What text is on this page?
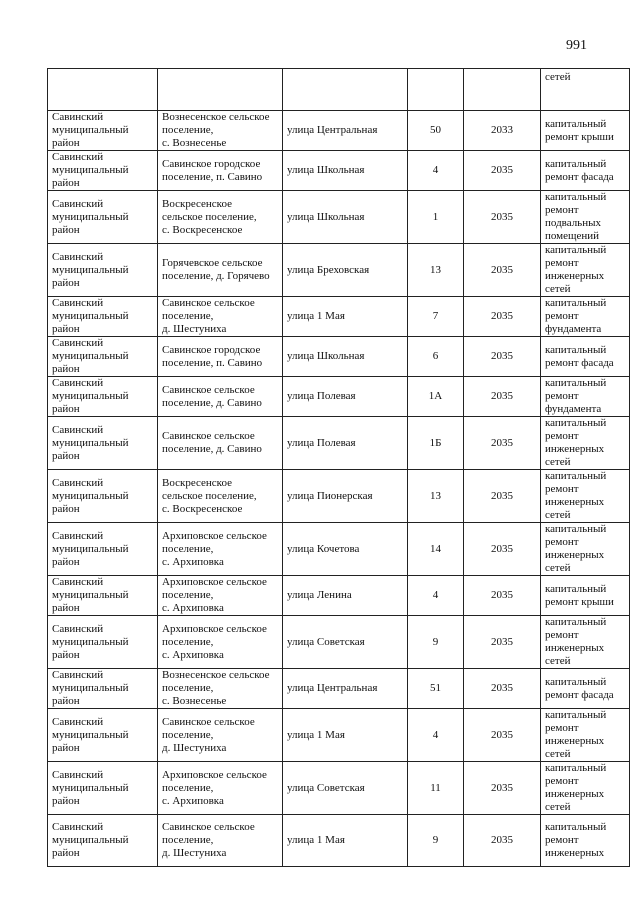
991

					сетей

Савинский
муниципальный
район	Вознесенское сельское
поселение,
с. Вознесенье	улица Центральная	50	2033	капитальный
ремонт крыши

Савинский
муниципальный
район	Савинское городское
поселение, п. Савино	улица Школьная	4	2035	капитальный
ремонт фасада

Савинский
муниципальный
район	Воскресенское
сельское поселение,
с. Воскресенское	улица Школьная	1	2035	капитальный
ремонт
подвальных
помещений

Савинский
муниципальный
район	Горячевское сельское
поселение, д. Горячево	улица Бреховская	13	2035	капитальный
ремонт
инженерных
сетей

Савинский
муниципальный
район	Савинское сельское
поселение,
д. Шестуниха	улица 1 Мая	7	2035	капитальный
ремонт
фундамента

Савинский
муниципальный
район	Савинское городское
поселение, п. Савино	улица Школьная	6	2035	капитальный
ремонт фасада

Савинский
муниципальный
район	Савинское сельское
поселение, д. Савино	улица Полевая	1А	2035	капитальный
ремонт
фундамента

Савинский
муниципальный
район	Савинское сельское
поселение, д. Савино	улица Полевая	1Б	2035	капитальный
ремонт
инженерных
сетей

Савинский
муниципальный
район	Воскресенское
сельское поселение,
с. Воскресенское	улица Пионерская	13	2035	капитальный
ремонт
инженерных
сетей

Савинский
муниципальный
район	Архиповское сельское
поселение,
с. Архиповка	улица Кочетова	14	2035	капитальный
ремонт
инженерных
сетей

Савинский
муниципальный
район	Архиповское сельское
поселение,
с. Архиповка	улица Ленина	4	2035	капитальный
ремонт крыши

Савинский
муниципальный
район	Архиповское сельское
поселение,
с. Архиповка	улица Советская	9	2035	капитальный
ремонт
инженерных
сетей

Савинский
муниципальный
район	Вознесенское сельское
поселение,
с. Вознесенье	улица Центральная	51	2035	капитальный
ремонт фасада

Савинский
муниципальный
район	Савинское сельское
поселение,
д. Шестуниха	улица 1 Мая	4	2035	капитальный
ремонт
инженерных
сетей

Савинский
муниципальный
район	Архиповское сельское
поселение,
с. Архиповка	улица Советская	11	2035	капитальный
ремонт
инженерных
сетей

Савинский
муниципальный
район	Савинское сельское
поселение,
д. Шестуниха	улица 1 Мая	9	2035	капитальный
ремонт
инженерных
